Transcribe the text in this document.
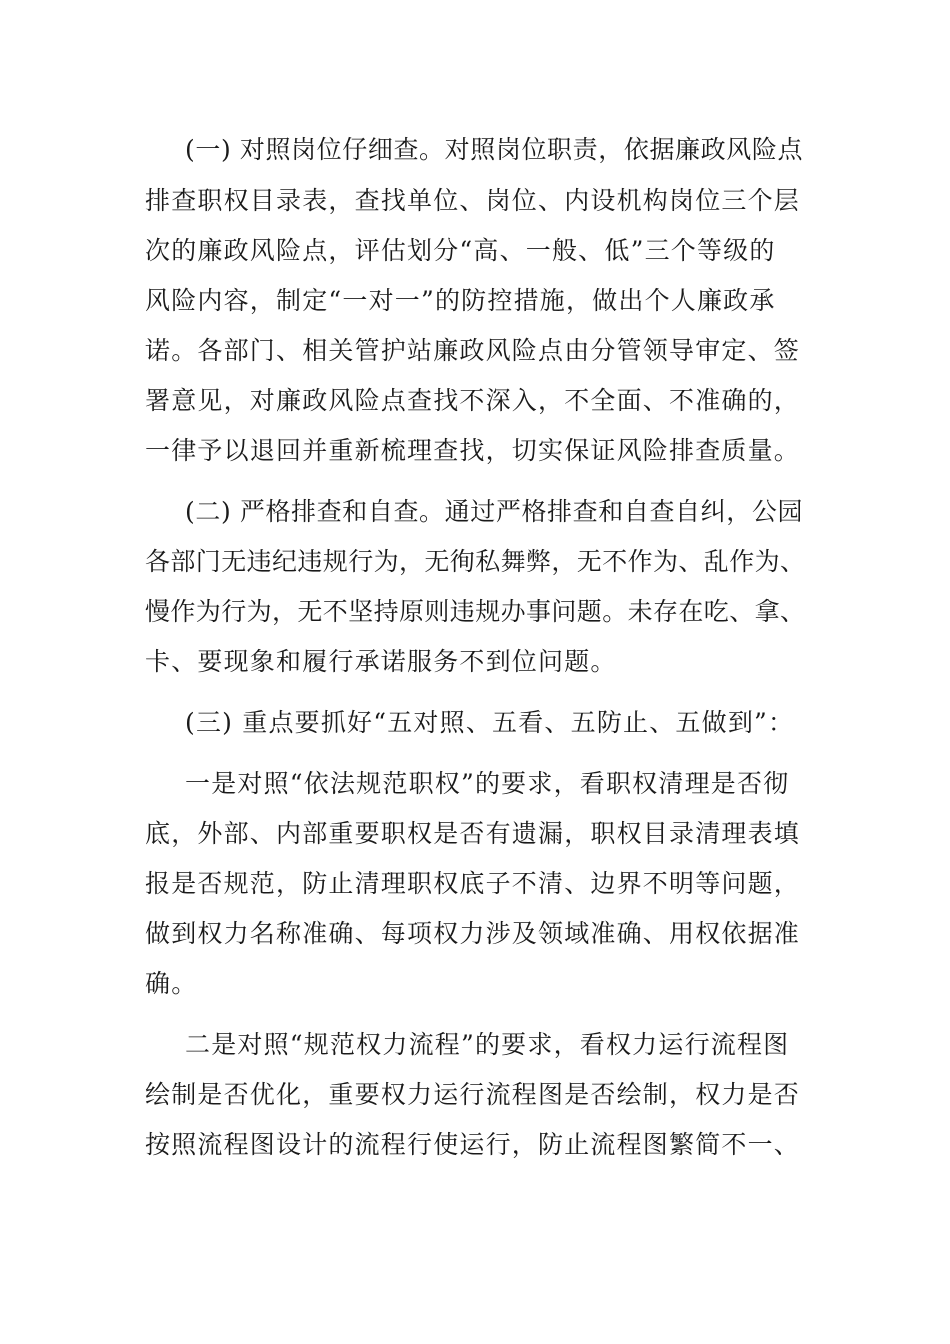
(一) 对照岗位仔细查。对照岗位职责，依据廉政风险点
排查职权目录表，查找单位、岗位、内设机构岗位三个层
次的廉政风险点，评估划分“高、一般、低”三个等级的
风险内容，制定“一对一”的防控措施，做出个人廉政承
诺。各部门、相关管护站廉政风险点由分管领导审定、签
署意见，对廉政风险点查找不深入，不全面、不准确的，
一律予以退回并重新梳理查找，切实保证风险排查质量。
(二) 严格排查和自查。通过严格排查和自查自纠，公园
各部门无违纪违规行为，无徇私舞弊，无不作为、乱作为、
慢作为行为，无不坚持原则违规办事问题。未存在吃、拿、
卡、要现象和履行承诺服务不到位问题。
(三) 重点要抓好“五对照、五看、五防止、五做到”：
一是对照“依法规范职权”的要求，看职权清理是否彻
底，外部、内部重要职权是否有遗漏，职权目录清理表填
报是否规范，防止清理职权底子不清、边界不明等问题，
做到权力名称准确、每项权力涉及领域准确、用权依据准
确。
二是对照“规范权力流程”的要求，看权力运行流程图
绘制是否优化，重要权力运行流程图是否绘制，权力是否
按照流程图设计的流程行使运行，防止流程图繁简不一、
